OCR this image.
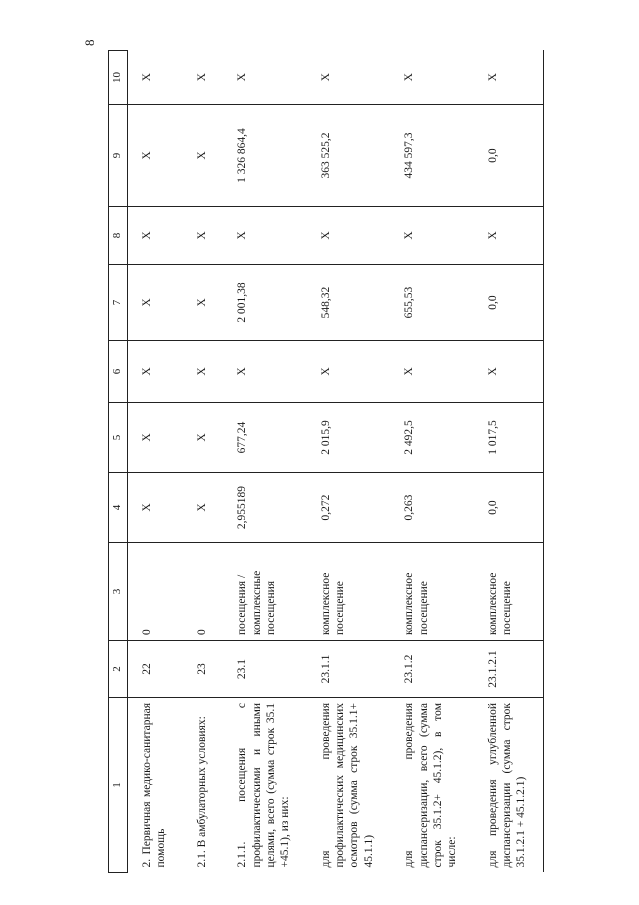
8
1	2	3	4	5	6	7	8	9	10
2. Первичная медико-санитарная помощь	22	0	X	X	X	X	X	X	X
2.1. В амбулаторных условиях:	23	0	X	X	X	X	X	X	X
2.1.1. посещения с профилактическими и иными целями, всего (сумма строк 35.1 +45.1), из них:	23.1	посещения / комплексные посещения	2,955189	677,24	X	2 001,38	X	1 326 864,4	X
для проведения профилактических медицинских осмотров (сумма строк 35.1.1+ 45.1.1)	23.1.1	комплексное посещение	0,272	2 015,9	X	548,32	X	363 525,2	X
для проведения диспансеризации, всего (сумма строк 35.1.2+ 45.1.2), в том числе:	23.1.2	комплексное посещение	0,263	2 492,5	X	655,53	X	434 597,3	X
для проведения углубленной диспансеризации (сумма строк 35.1.2.1 + 45.1.2.1)	23.1.2.1	комплексное посещение	0,0	1 017,5	X	0,0	X	0,0	X
